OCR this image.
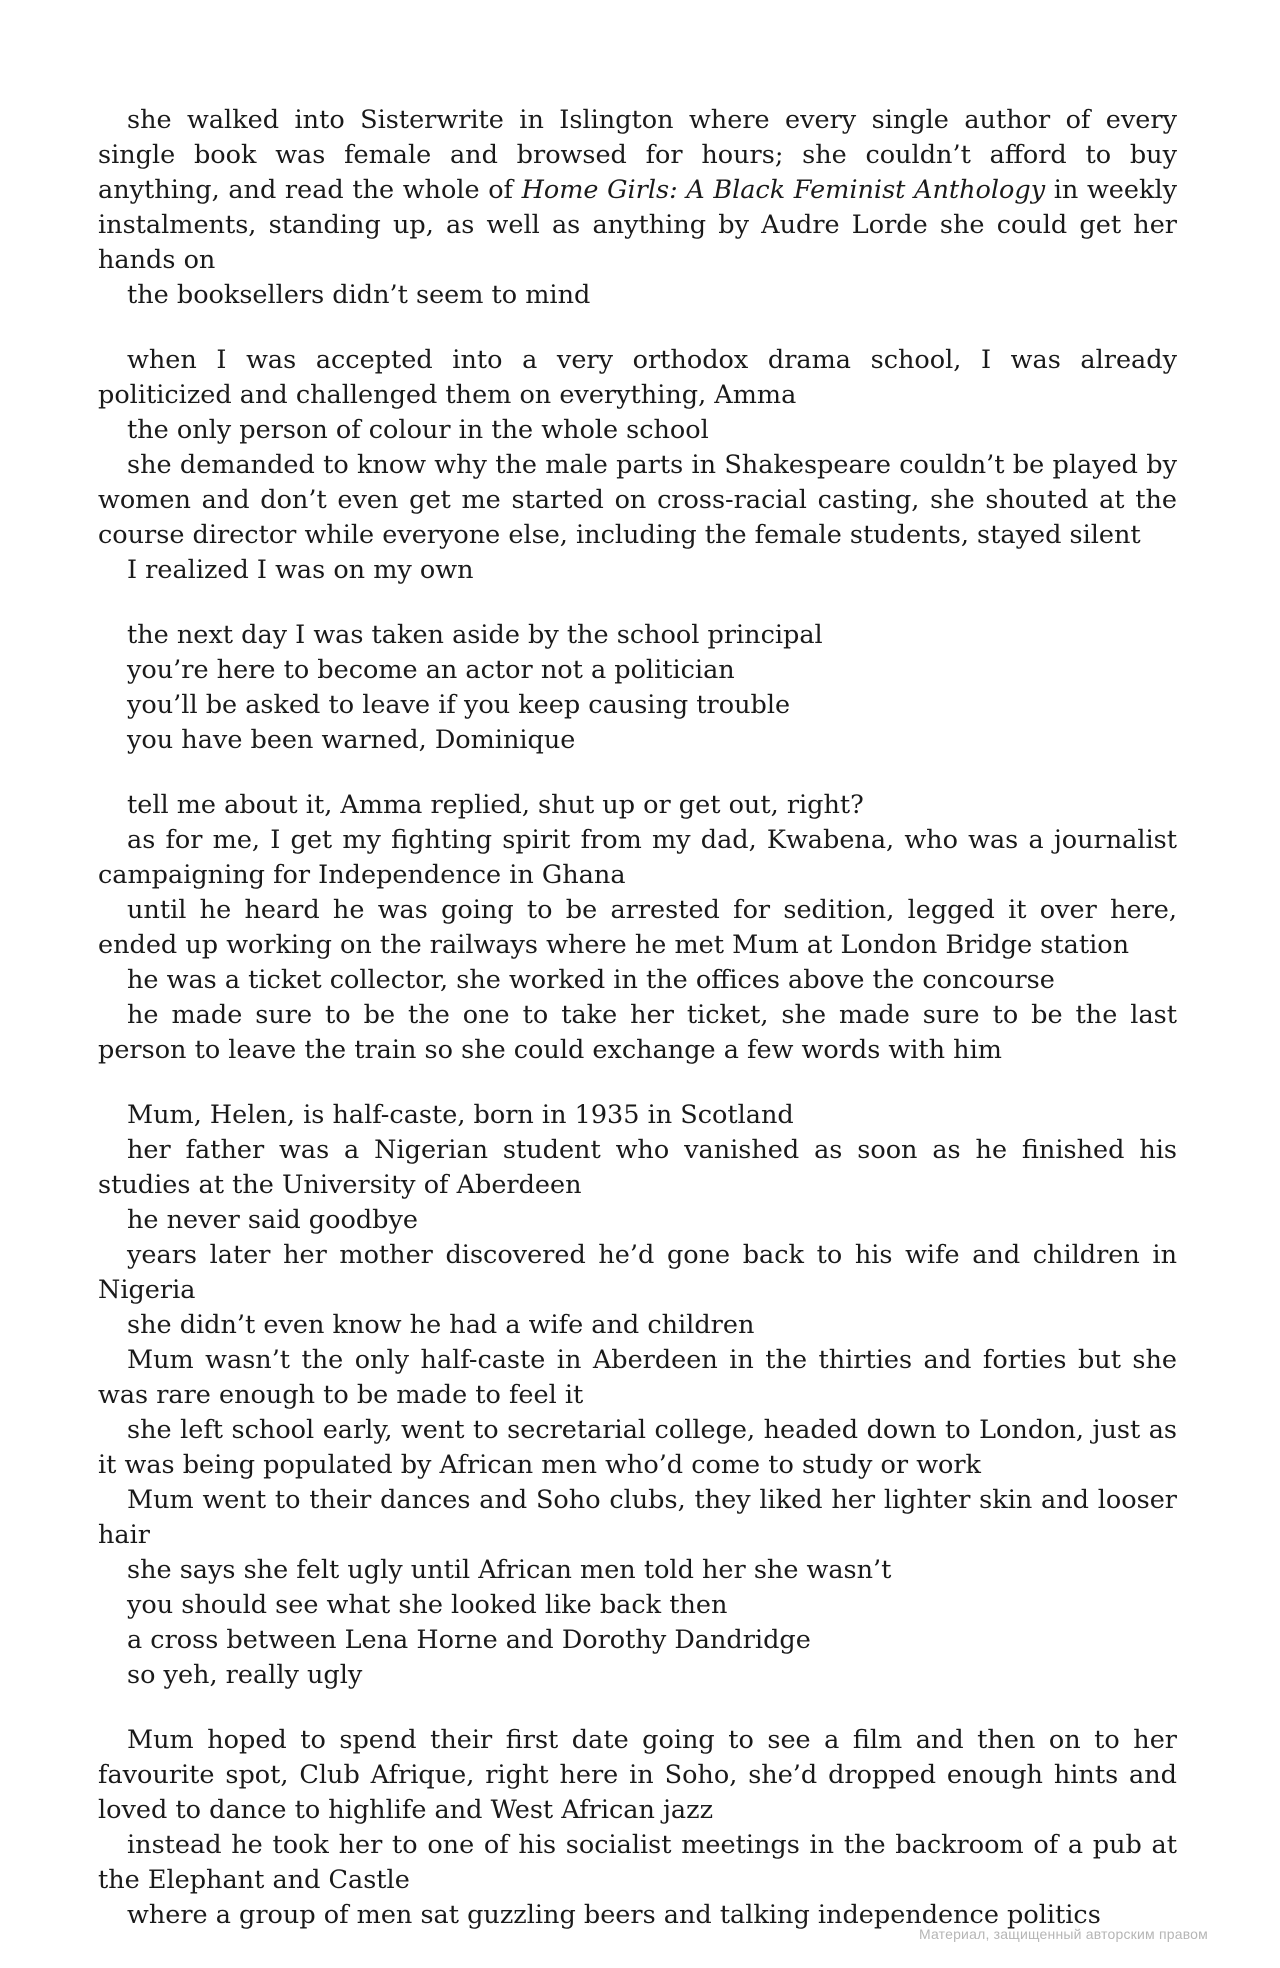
she walked into Sisterwrite in Islington where every single author of every single book was female and browsed for hours; she couldn’t afford to buy anything, and read the whole of Home Girls: A Black Feminist Anthology in weekly instalments, standing up, as well as anything by Audre Lorde she could get her hands on

the booksellers didn’t seem to mind

when I was accepted into a very orthodox drama school, I was already politicized and challenged them on everything, Amma

the only person of colour in the whole school

she demanded to know why the male parts in Shakespeare couldn’t be played by women and don’t even get me started on cross-racial casting, she shouted at the course director while everyone else, including the female students, stayed silent

I realized I was on my own

the next day I was taken aside by the school principal

you’re here to become an actor not a politician

you’ll be asked to leave if you keep causing trouble

you have been warned, Dominique

tell me about it, Amma replied, shut up or get out, right?

as for me, I get my fighting spirit from my dad, Kwabena, who was a journalist campaigning for Independence in Ghana

until he heard he was going to be arrested for sedition, legged it over here, ended up working on the railways where he met Mum at London Bridge station

he was a ticket collector, she worked in the offices above the concourse

he made sure to be the one to take her ticket, she made sure to be the last person to leave the train so she could exchange a few words with him

Mum, Helen, is half-caste, born in 1935 in Scotland

her father was a Nigerian student who vanished as soon as he finished his studies at the University of Aberdeen

he never said goodbye

years later her mother discovered he’d gone back to his wife and children in Nigeria

she didn’t even know he had a wife and children

Mum wasn’t the only half-caste in Aberdeen in the thirties and forties but she was rare enough to be made to feel it

she left school early, went to secretarial college, headed down to London, just as it was being populated by African men who’d come to study or work

Mum went to their dances and Soho clubs, they liked her lighter skin and looser hair

she says she felt ugly until African men told her she wasn’t

you should see what she looked like back then

a cross between Lena Horne and Dorothy Dandridge

so yeh, really ugly

Mum hoped to spend their first date going to see a film and then on to her favourite spot, Club Afrique, right here in Soho, she’d dropped enough hints and loved to dance to highlife and West African jazz

instead he took her to one of his socialist meetings in the backroom of a pub at the Elephant and Castle

where a group of men sat guzzling beers and talking independence politics

Материал, защищенный авторским правом
